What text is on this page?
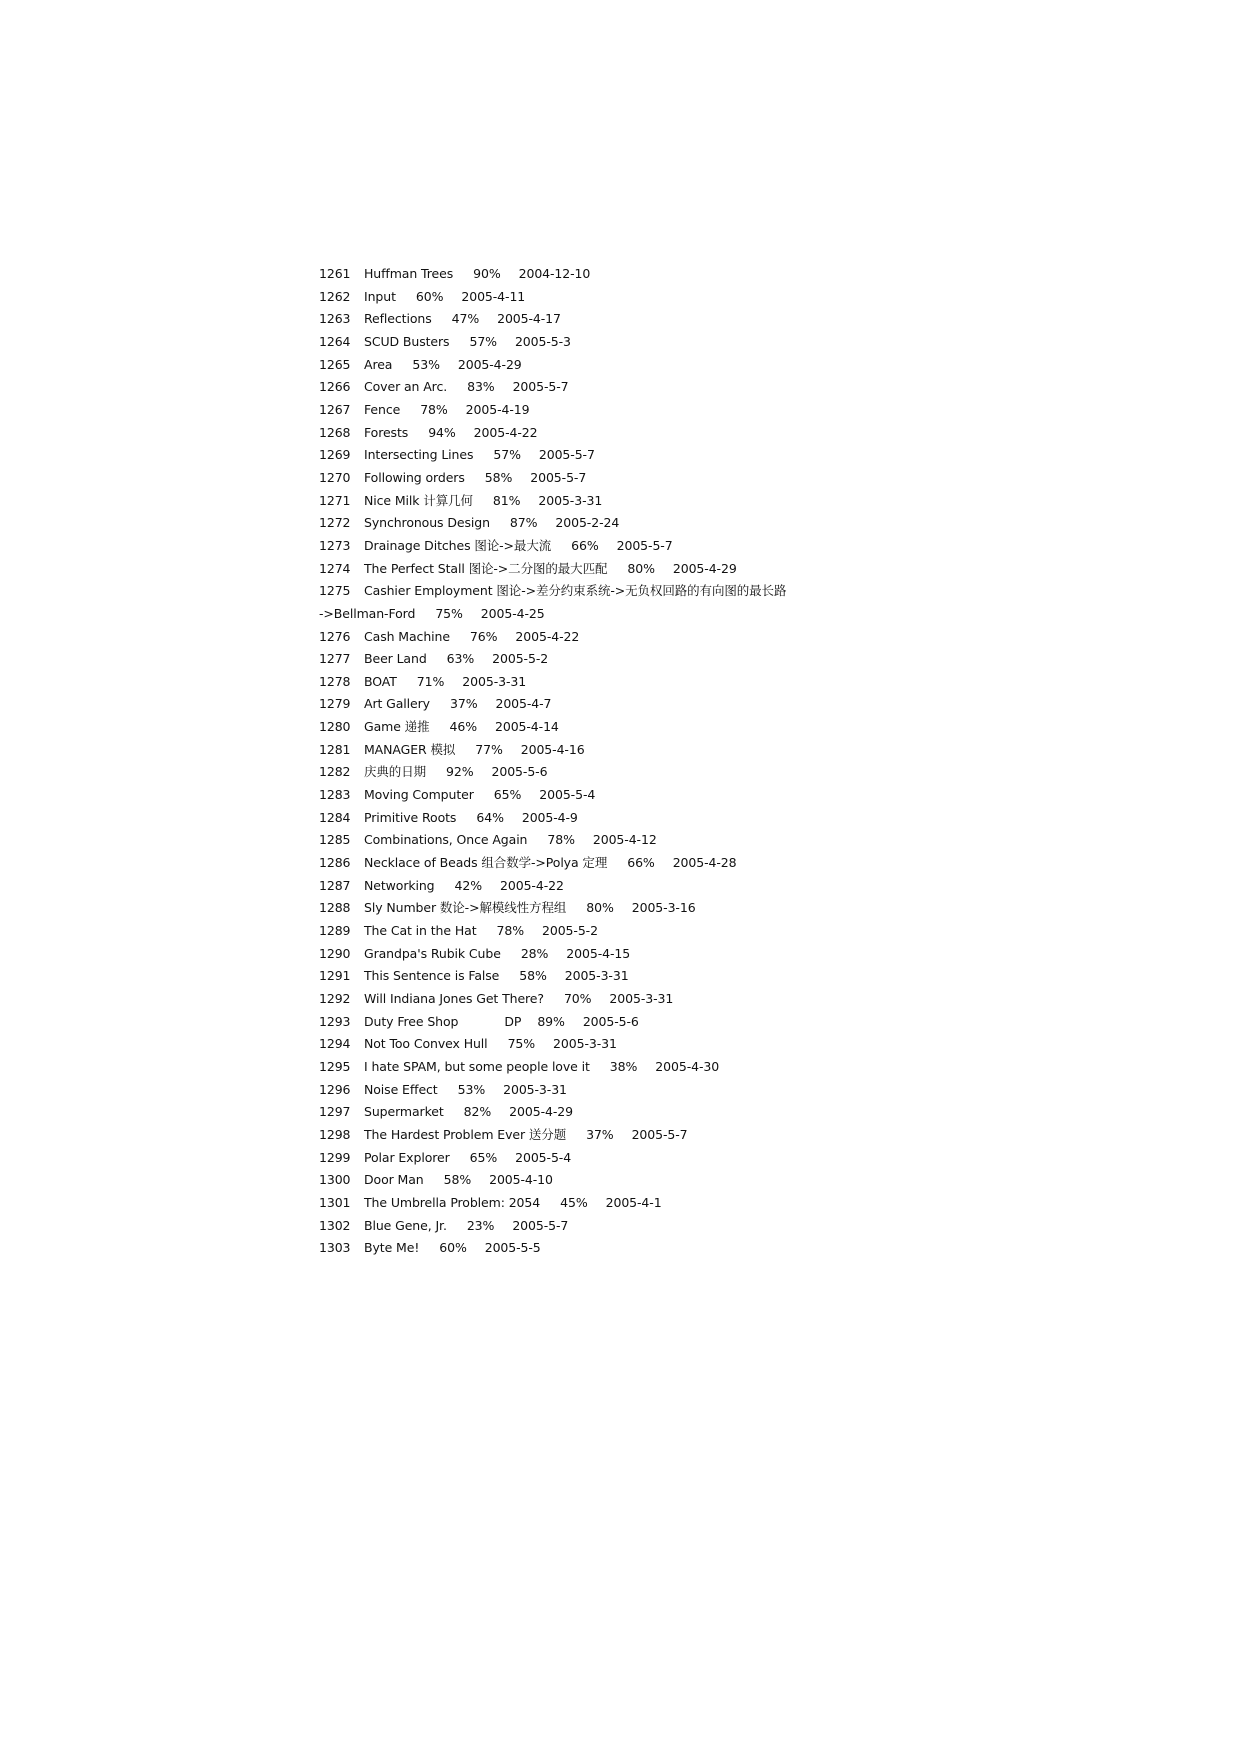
1261 Huffman Trees 90% 2004-12-10
1262 Input 60% 2005-4-11
1263 Reflections 47% 2005-4-17
1264 SCUD Busters 57% 2005-5-3
1265 Area 53% 2005-4-29
1266 Cover an Arc. 83% 2005-5-7
1267 Fence 78% 2005-4-19
1268 Forests 94% 2005-4-22
1269 Intersecting Lines 57% 2005-5-7
1270 Following orders 58% 2005-5-7
1271 Nice Milk 计算几何 81% 2005-3-31
1272 Synchronous Design 87% 2005-2-24
1273 Drainage Ditches 图论->最大流 66% 2005-5-7
1274 The Perfect Stall 图论->二分图的最大匹配 80% 2005-4-29
1275 Cashier Employment 图论->差分约束系统->无负权回路的有向图的最长路
->Bellman-Ford 75% 2005-4-25
1276 Cash Machine 76% 2005-4-22
1277 Beer Land 63% 2005-5-2
1278 BOAT 71% 2005-3-31
1279 Art Gallery 37% 2005-4-7
1280 Game 递推 46% 2005-4-14
1281 MANAGER 模拟 77% 2005-4-16
1282 庆典的日期 92% 2005-5-6
1283 Moving Computer 65% 2005-5-4
1284 Primitive Roots 64% 2005-4-9
1285 Combinations, Once Again 78% 2005-4-12
1286 Necklace of Beads 组合数学->Polya 定理 66% 2005-4-28
1287 Networking 42% 2005-4-22
1288 Sly Number 数论->解模线性方程组 80% 2005-3-16
1289 The Cat in the Hat 78% 2005-5-2
1290 Grandpa's Rubik Cube 28% 2005-4-15
1291 This Sentence is False 58% 2005-3-31
1292 Will Indiana Jones Get There? 70% 2005-3-31
1293 Duty Free Shop	DP 89% 2005-5-6
1294 Not Too Convex Hull 75% 2005-3-31
1295 I hate SPAM, but some people love it 38% 2005-4-30
1296 Noise Effect 53% 2005-3-31
1297 Supermarket 82% 2005-4-29
1298 The Hardest Problem Ever 送分题 37% 2005-5-7
1299 Polar Explorer 65% 2005-5-4
1300 Door Man 58% 2005-4-10
1301 The Umbrella Problem: 2054 45% 2005-4-1
1302 Blue Gene, Jr. 23% 2005-5-7
1303 Byte Me! 60% 2005-5-5
